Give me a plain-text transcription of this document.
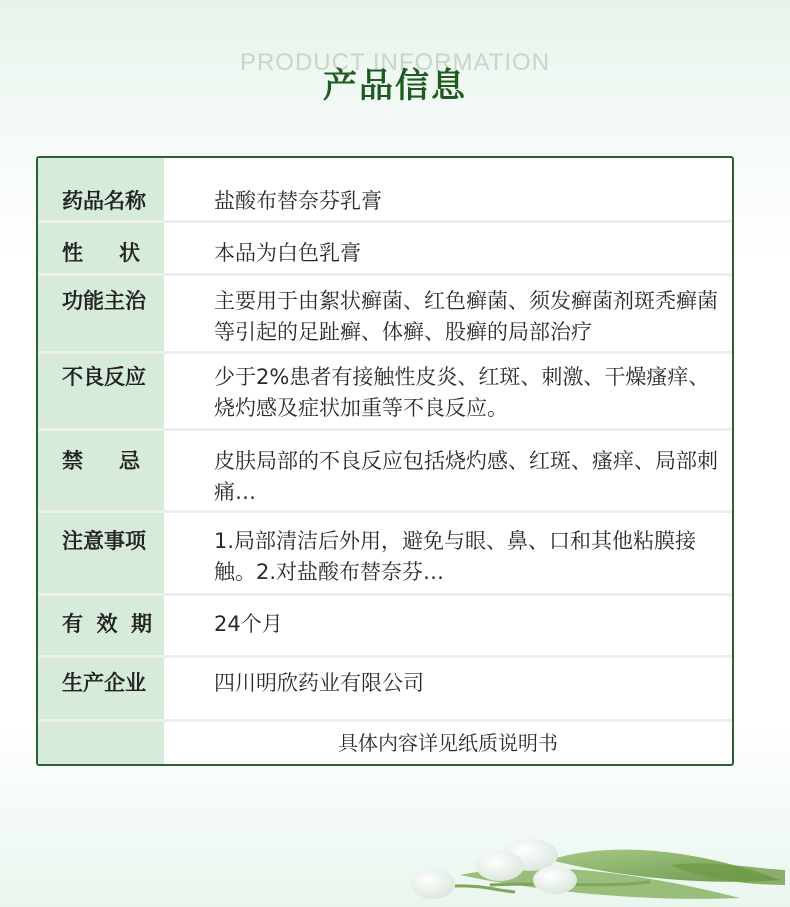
PRODUCT INFORMATION
产品信息
药品名称	盐酸布替奈芬乳膏
性状	本品为白色乳膏
功能主治	主要用于由絮状癣菌、红色癣菌、须发癣菌剂斑秃癣菌等引起的足趾癣、体癣、股癣的局部治疗
不良反应	少于2%患者有接触性皮炎、红斑、刺激、干燥瘙痒、烧灼感及症状加重等不良反应。
禁忌	皮肤局部的不良反应包括烧灼感、红斑、瘙痒、局部刺痛…
注意事项	1.局部清洁后外用，避免与眼、鼻、口和其他粘膜接触。2.对盐酸布替奈芬…
有效期	24个月
生产企业	四川明欣药业有限公司
具体内容详见纸质说明书
